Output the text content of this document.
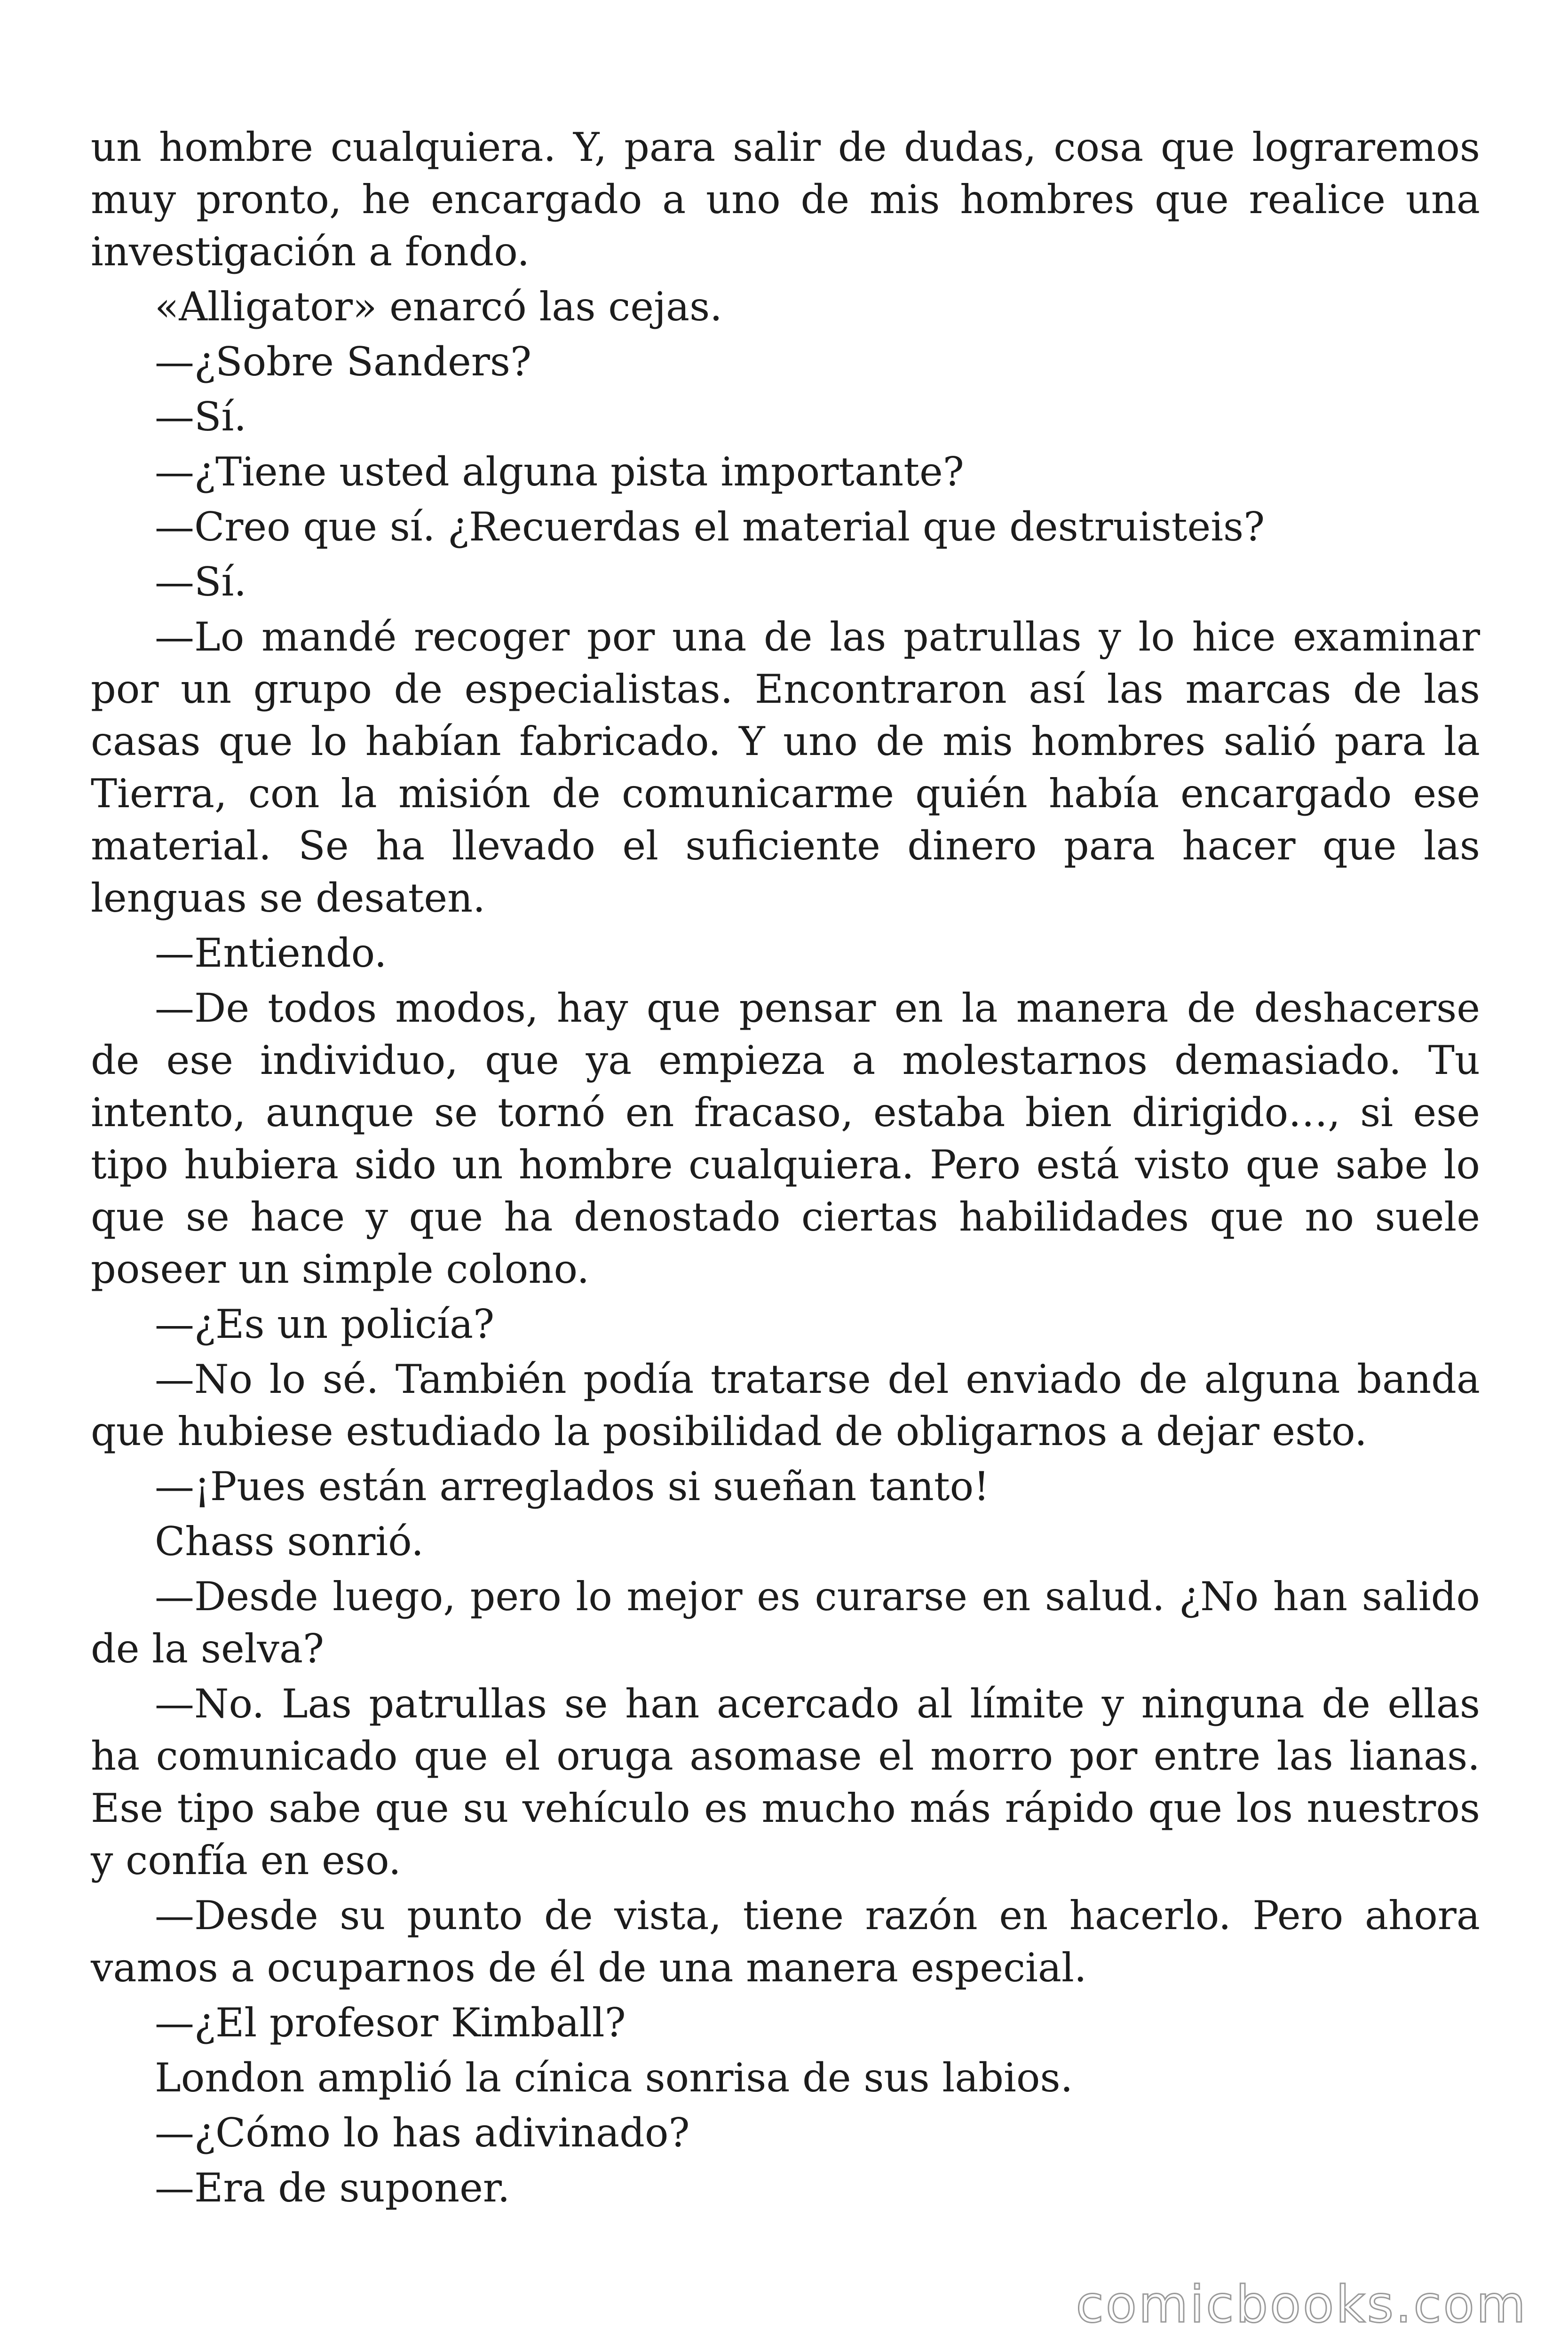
un hombre cualquiera. Y, para salir de dudas, cosa que lograremos muy pronto, he encargado a uno de mis hombres que realice una investigación a fondo.

«Alligator» enarcó las cejas.

—¿Sobre Sanders?

—Sí.

—¿Tiene usted alguna pista importante?

—Creo que sí. ¿Recuerdas el material que destruisteis?

—Sí.

—Lo mandé recoger por una de las patrullas y lo hice examinar por un grupo de especialistas. Encontraron así las marcas de las casas que lo habían fabricado. Y uno de mis hombres salió para la Tierra, con la misión de comunicarme quién había encargado ese material. Se ha llevado el suficiente dinero para hacer que las lenguas se desaten.

—Entiendo.

—De todos modos, hay que pensar en la manera de deshacerse de ese individuo, que ya empieza a molestarnos demasiado. Tu intento, aunque se tornó en fracaso, estaba bien dirigido…, si ese tipo hubiera sido un hombre cualquiera. Pero está visto que sabe lo que se hace y que ha denostado ciertas habilidades que no suele poseer un simple colono.

—¿Es un policía?

—No lo sé. También podía tratarse del enviado de alguna banda que hubiese estudiado la posibilidad de obligarnos a dejar esto.

—¡Pues están arreglados si sueñan tanto!

Chass sonrió.

—Desde luego, pero lo mejor es curarse en salud. ¿No han salido de la selva?

—No. Las patrullas se han acercado al límite y ninguna de ellas ha comunicado que el oruga asomase el morro por entre las lianas. Ese tipo sabe que su vehículo es mucho más rápido que los nuestros y confía en eso.

—Desde su punto de vista, tiene razón en hacerlo. Pero ahora vamos a ocuparnos de él de una manera especial.

—¿El profesor Kimball?

London amplió la cínica sonrisa de sus labios.

—¿Cómo lo has adivinado?

—Era de suponer.

comicbooks.com
